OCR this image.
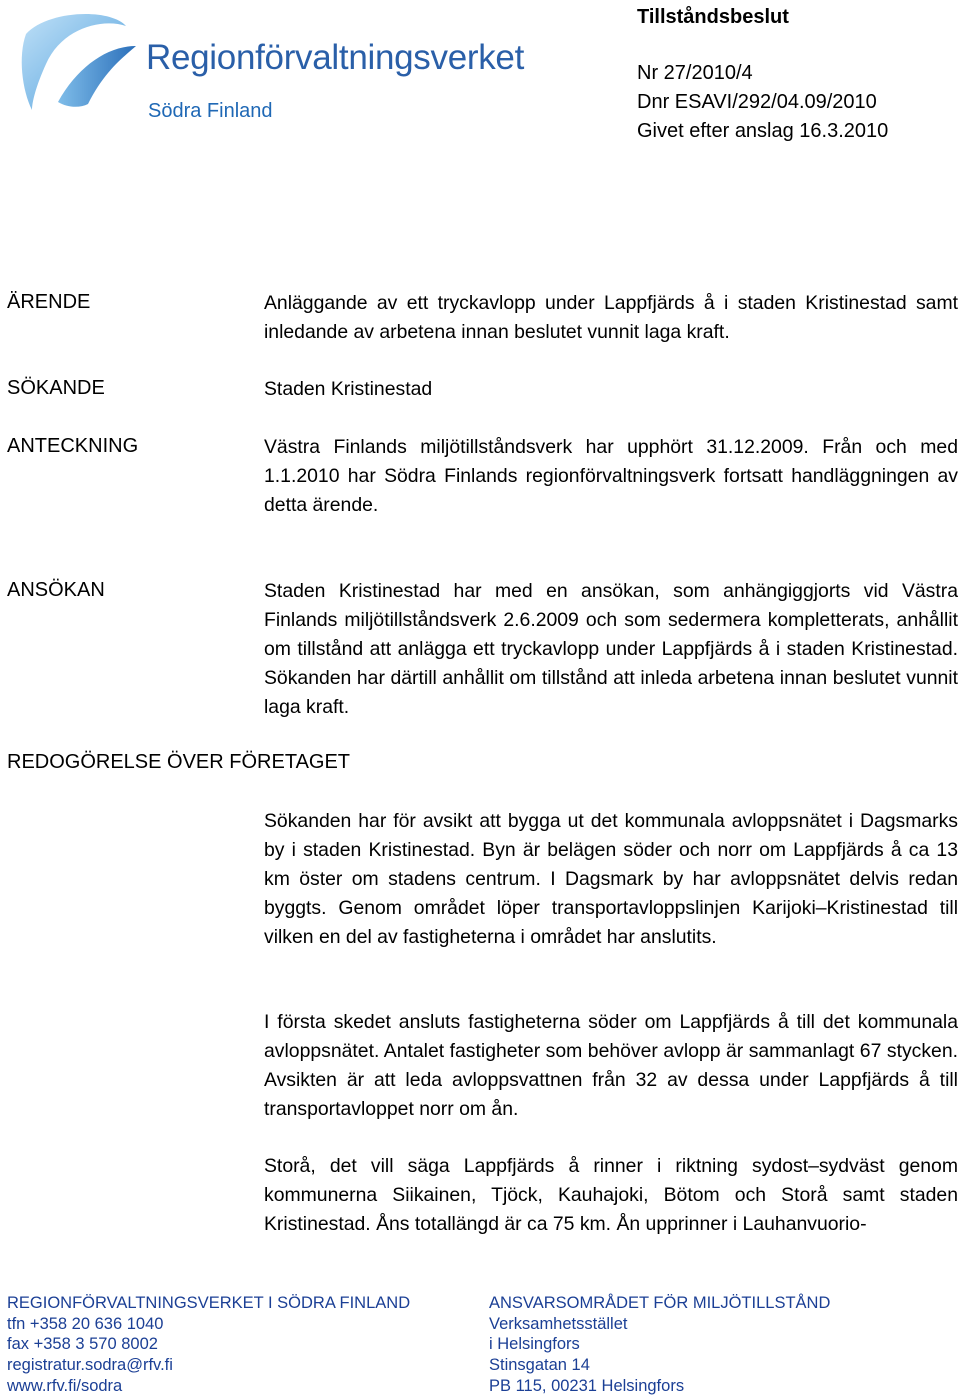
Regionförvaltningsverket
Södra Finland
Tillståndsbeslut
Nr 27/2010/4
Dnr ESAVI/292/04.09/2010
Givet efter anslag 16.3.2010
ÄRENDE	Anläggande av ett tryckavlopp under Lappfjärds å i staden Kristinestad samt inledande av arbetena innan beslutet vunnit laga kraft.
SÖKANDE	Staden Kristinestad
ANTECKNING	Västra Finlands miljötillståndsverk har upphört 31.12.2009. Från och med 1.1.2010 har Södra Finlands regionförvaltningsverk fortsatt handläggningen av detta ärende.
ANSÖKAN	Staden Kristinestad har med en ansökan, som anhängiggjorts vid Västra Finlands miljötillståndsverk 2.6.2009 och som sedermera kompletterats, anhållit om tillstånd att anlägga ett tryckavlopp under Lappfjärds å i staden Kristinestad. Sökanden har därtill anhållit om tillstånd att inleda arbetena innan beslutet vunnit laga kraft.
REDOGÖRELSE ÖVER FÖRETAGET
Sökanden har för avsikt att bygga ut det kommunala avloppsnätet i Dagsmarks by i staden Kristinestad. Byn är belägen söder och norr om Lappfjärds å ca 13 km öster om stadens centrum. I Dagsmark by har avloppsnätet delvis redan byggts. Genom området löper transportavloppslinjen Karijoki–Kristinestad till vilken en del av fastigheterna i området har anslutits.
I första skedet ansluts fastigheterna söder om Lappfjärds å till det kommunala avloppsnätet. Antalet fastigheter som behöver avlopp är sammanlagt 67 stycken. Avsikten är att leda avloppsvattnen från 32 av dessa under Lappfjärds å till transportavloppet norr om ån.
Storå, det vill säga Lappfjärds å rinner i riktning sydost–sydväst genom kommunerna Siikainen, Tjöck, Kauhajoki, Bötom och Storå samt staden Kristinestad. Åns totallängd är ca 75 km. Ån upprinner i Lauhanvuorio-
REGIONFÖRVALTNINGSVERKET I SÖDRA FINLAND
tfn +358 20 636 1040
fax +358 3 570 8002
registratur.sodra@rfv.fi
www.rfv.fi/sodra
ANSVARSOMRÅDET FÖR MILJÖTILLSTÅND
Verksamhetsstället
i Helsingfors
Stinsgatan 14
PB 115, 00231 Helsingfors
